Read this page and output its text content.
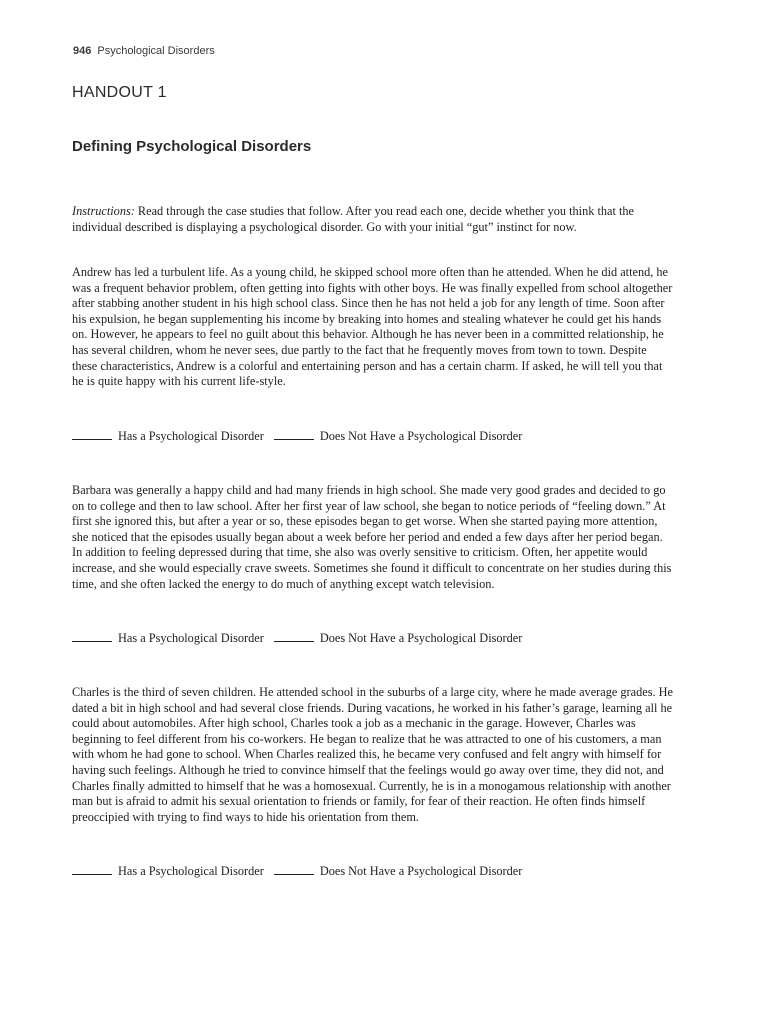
946 Psychological Disorders
HANDOUT 1
Defining Psychological Disorders
Instructions: Read through the case studies that follow. After you read each one, decide whether you think that the individual described is displaying a psychological disorder. Go with your initial “gut” instinct for now.
Andrew has led a turbulent life. As a young child, he skipped school more often than he attended. When he did attend, he was a frequent behavior problem, often getting into fights with other boys. He was finally expelled from school altogether after stabbing another student in his high school class. Since then he has not held a job for any length of time. Soon after his expulsion, he began supplementing his income by breaking into homes and stealing whatever he could get his hands on. However, he appears to feel no guilt about this behavior. Although he has never been in a committed relationship, he has several children, whom he never sees, due partly to the fact that he frequently moves from town to town. Despite these characteristics, Andrew is a colorful and entertaining person and has a certain charm. If asked, he will tell you that he is quite happy with his current life-style.
Has a Psychological Disorder	Does Not Have a Psychological Disorder
Barbara was generally a happy child and had many friends in high school. She made very good grades and decided to go on to college and then to law school. After her first year of law school, she began to notice periods of “feeling down.” At first she ignored this, but after a year or so, these episodes began to get worse. When she started paying more attention, she noticed that the episodes usually began about a week before her period and ended a few days after her period began. In addition to feeling depressed during that time, she also was overly sensitive to criticism. Often, her appetite would increase, and she would especially crave sweets. Sometimes she found it difficult to concentrate on her studies during this time, and she often lacked the energy to do much of anything except watch television.
Has a Psychological Disorder	Does Not Have a Psychological Disorder
Charles is the third of seven children. He attended school in the suburbs of a large city, where he made average grades. He dated a bit in high school and had several close friends. During vacations, he worked in his father’s garage, learning all he could about automobiles. After high school, Charles took a job as a mechanic in the garage. However, Charles was beginning to feel different from his co-workers. He began to realize that he was attracted to one of his customers, a man with whom he had gone to school. When Charles realized this, he became very confused and felt angry with himself for having such feelings. Although he tried to convince himself that the feelings would go away over time, they did not, and Charles finally admitted to himself that he was a homosexual. Currently, he is in a monogamous relationship with another man but is afraid to admit his sexual orientation to friends or family, for fear of their reaction. He often finds himself preoccipied with trying to find ways to hide his orientation from them.
Has a Psychological Disorder	Does Not Have a Psychological Disorder
